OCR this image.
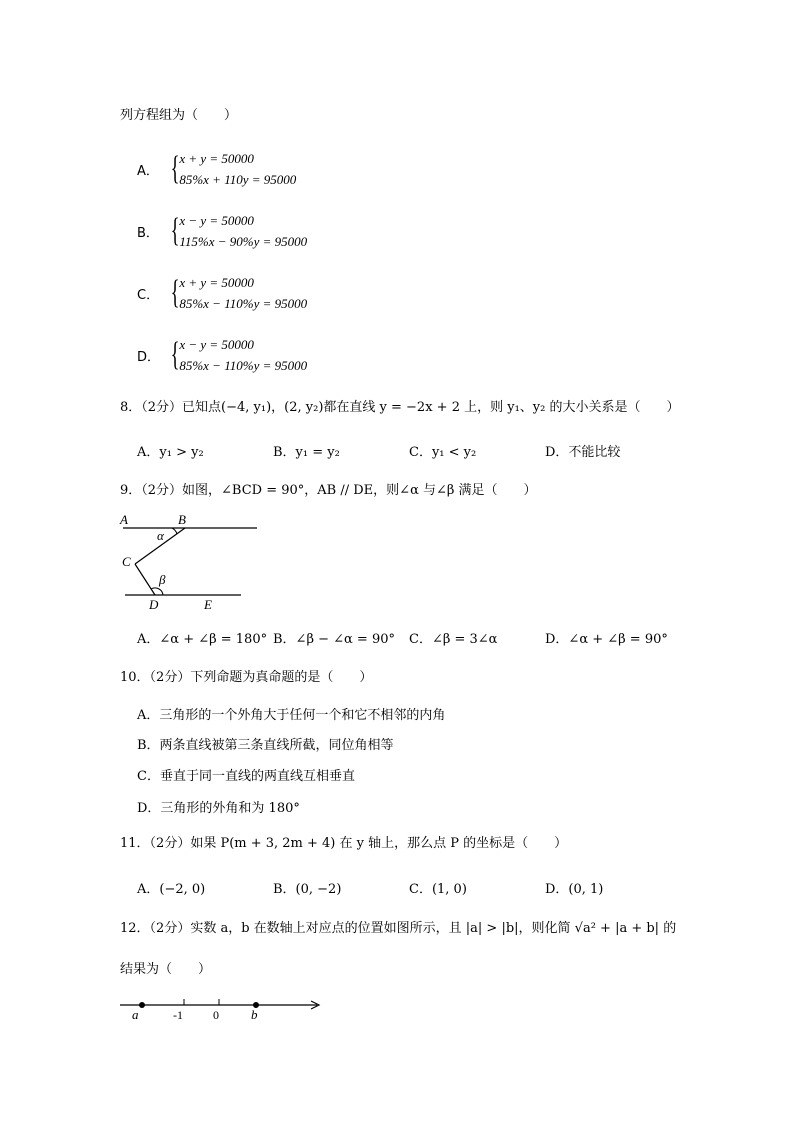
列方程组为（　　）
A． { x + y = 50000
85%x + 110y = 95000
B． { x − y = 50000
115%x − 90%y = 95000
C． { x + y = 50000
85%x − 110%y = 95000
D． { x − y = 50000
85%x − 110%y = 95000
8．（2分）已知点(−4, y₁)，(2, y₂)都在直线 y = −2x + 2 上，则 y₁、y₂ 的大小关系是（　　）
A．y₁ > y₂	B．y₁ = y₂	C．y₁ < y₂	D．不能比较
9．（2分）如图，∠BCD = 90°，AB // DE，则∠α 与∠β 满足（　　）
A	B
C
D	E
α
β
A．∠α + ∠β = 180° B．∠β − ∠α = 90°	C．∠β = 3∠α	D．∠α + ∠β = 90°
10．（2分）下列命题为真命题的是（　　）
A．三角形的一个外角大于任何一个和它不相邻的内角
B．两条直线被第三条直线所截，同位角相等
C．垂直于同一直线的两直线互相垂直
D．三角形的外角和为 180°
11．（2分）如果 P(m + 3, 2m + 4) 在 y 轴上，那么点 P 的坐标是（　　）
A．(−2, 0)	B．(0, −2)	C．(1, 0)	D．(0, 1)
12．（2分）实数 a，b 在数轴上对应点的位置如图所示，且 |a| > |b|，则化简 √a² + |a + b| 的
结果为（　　）
a	-1	0 b
